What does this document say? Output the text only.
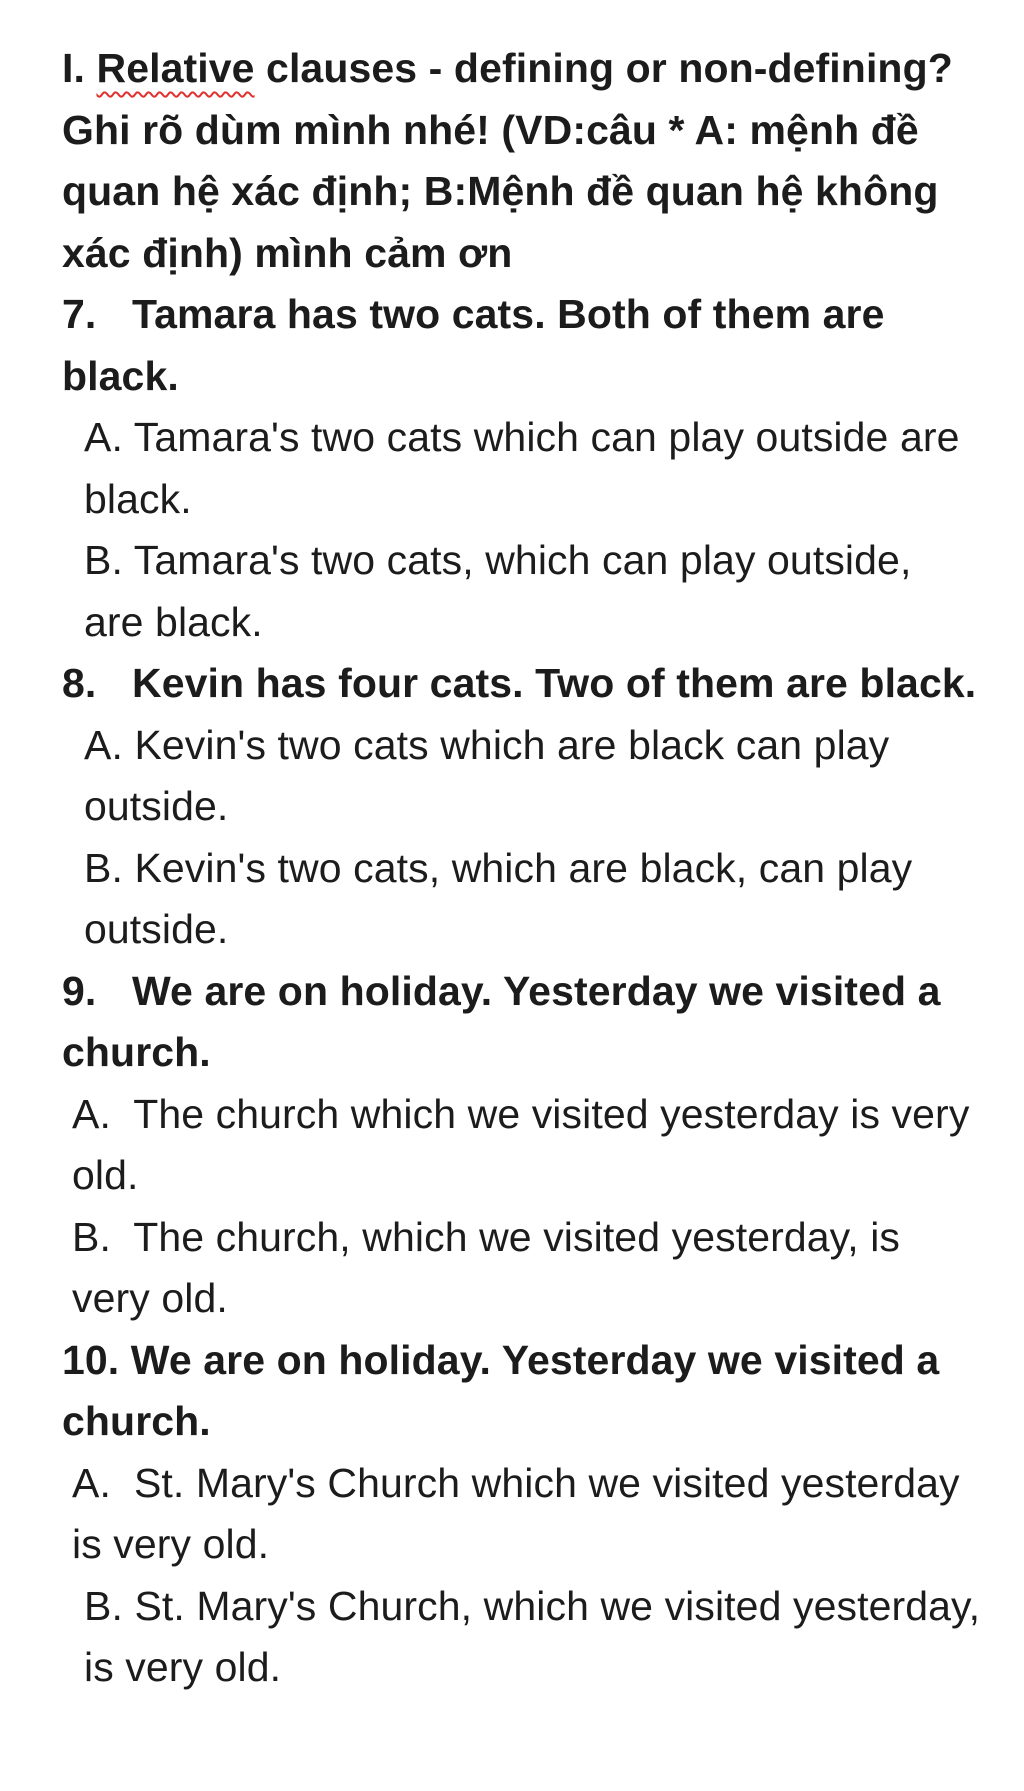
I. Relative clauses - defining or non-defining?Ghi rõ dùm mình nhé! (VD:câu * A: mệnh đề quan hệ xác định; B:Mệnh đề quan hệ không xác định) mình cảm ơn

7. Tamara has two cats. Both of them are black.

A. Tamara's two cats which can play outside are black.

B. Tamara's two cats, which can play outside, are black.

8. Kevin has four cats. Two of them are black.

A. Kevin's two cats which are black can play outside.

B. Kevin's two cats, which are black, can play outside.

9. We are on holiday. Yesterday we visited a church.

A. The church which we visited yesterday is very old.

B. The church, which we visited yesterday, is very old.

10. We are on holiday. Yesterday we visited a church.

A. St. Mary's Church which we visited yesterday is very old.

B. St. Mary's Church, which we visited yesterday, is very old.
